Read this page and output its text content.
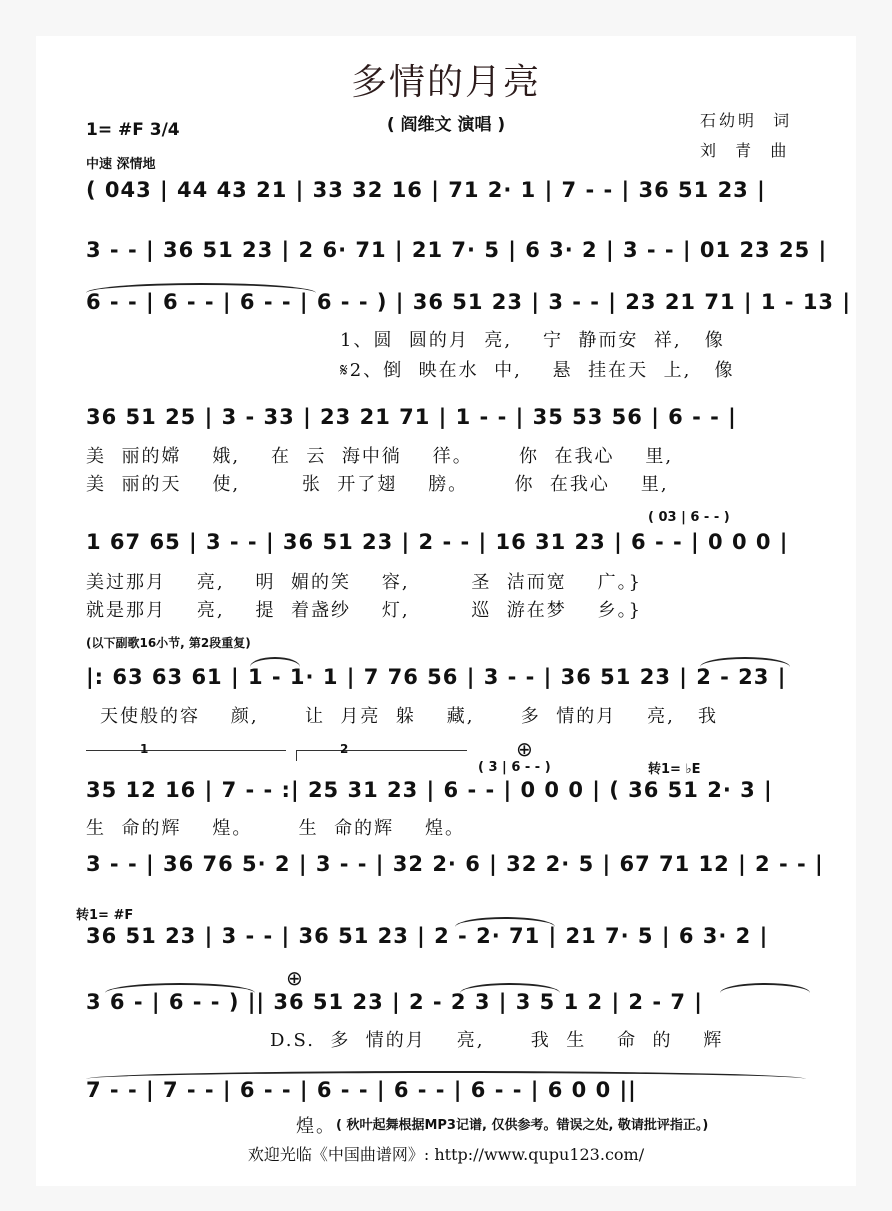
多情的月亮
( 阎维文 演唱 )	石幼明  词
刘  青  曲
1= #F 3/4
中速 深情地
( 043 | 44 43 21 | 33 32 16 | 71 2· 1 | 7 - - | 36 51 23 |
3 - - | 36 51 23 | 2 6· 71 | 21 7· 5 | 6 3· 2 | 3 - - | 01 23 25 |
6 - - | 6 - - | 6 - - | 6 - - ) | 36 51 23 | 3 - - | 23 21 71 | 1 - 13 |
1、圆  圆的月  亮,    宁  静而安  祥,   像
𝄋2、倒  映在水  中,    悬  挂在天  上,   像
36 51 25 | 3 - 33 | 23 21 71 | 1 - - | 35 53 56 | 6 - - |
美  丽的嫦    娥,    在  云  海中徜    徉。      你  在我心    里,
美  丽的天    使,        张  开了翅    膀。      你  在我心    里,
( 03 | 6 - - )
1 67 65 | 3 - - | 36 51 23 | 2 - - | 16 31 23 | 6 - - | 0 0 0 |
美过那月    亮,    明  媚的笑    容,        圣  洁而宽    广。}
就是那月    亮,    提  着盏纱    灯,        巡  游在梦    乡。}
(以下副歌16小节, 第2段重复)
|: 63 63 61 | 1 - 1· 1 | 7 76 56 | 3 - - | 36 51 23 | 2 - 23 |
天使般的容    颜,      让  月亮  躲    藏,      多  情的月    亮,   我
1	2	⊕
( 3 | 6 - - )	转1= ♭E
35 12 16 | 7 - - :| 25 31 23 | 6 - - | 0 0 0 | ( 36 51 2· 3 |
生  命的辉    煌。      生  命的辉    煌。
3 - - | 36 76 5· 2 | 3 - - | 32 2· 6 | 32 2· 5 | 67 71 12 | 2 - - |
转1= #F
36 51 23 | 3 - - | 36 51 23 | 2 - 2· 71 | 21 7· 5 | 6 3· 2 |
⊕
3 6 - | 6 - - ) || 36 51 23 | 2 - 2 3 | 3 5 1 2 | 2 - 7 |
D.S.  多  情的月    亮,      我  生    命  的    辉
7 - - | 7 - - | 6 - - | 6 - - | 6 - - | 6 - - | 6 0 0 ||
煌。 ( 秋叶起舞根据MP3记谱, 仅供参考。错误之处, 敬请批评指正。)
欢迎光临《中国曲谱网》: http://www.qupu123.com/
